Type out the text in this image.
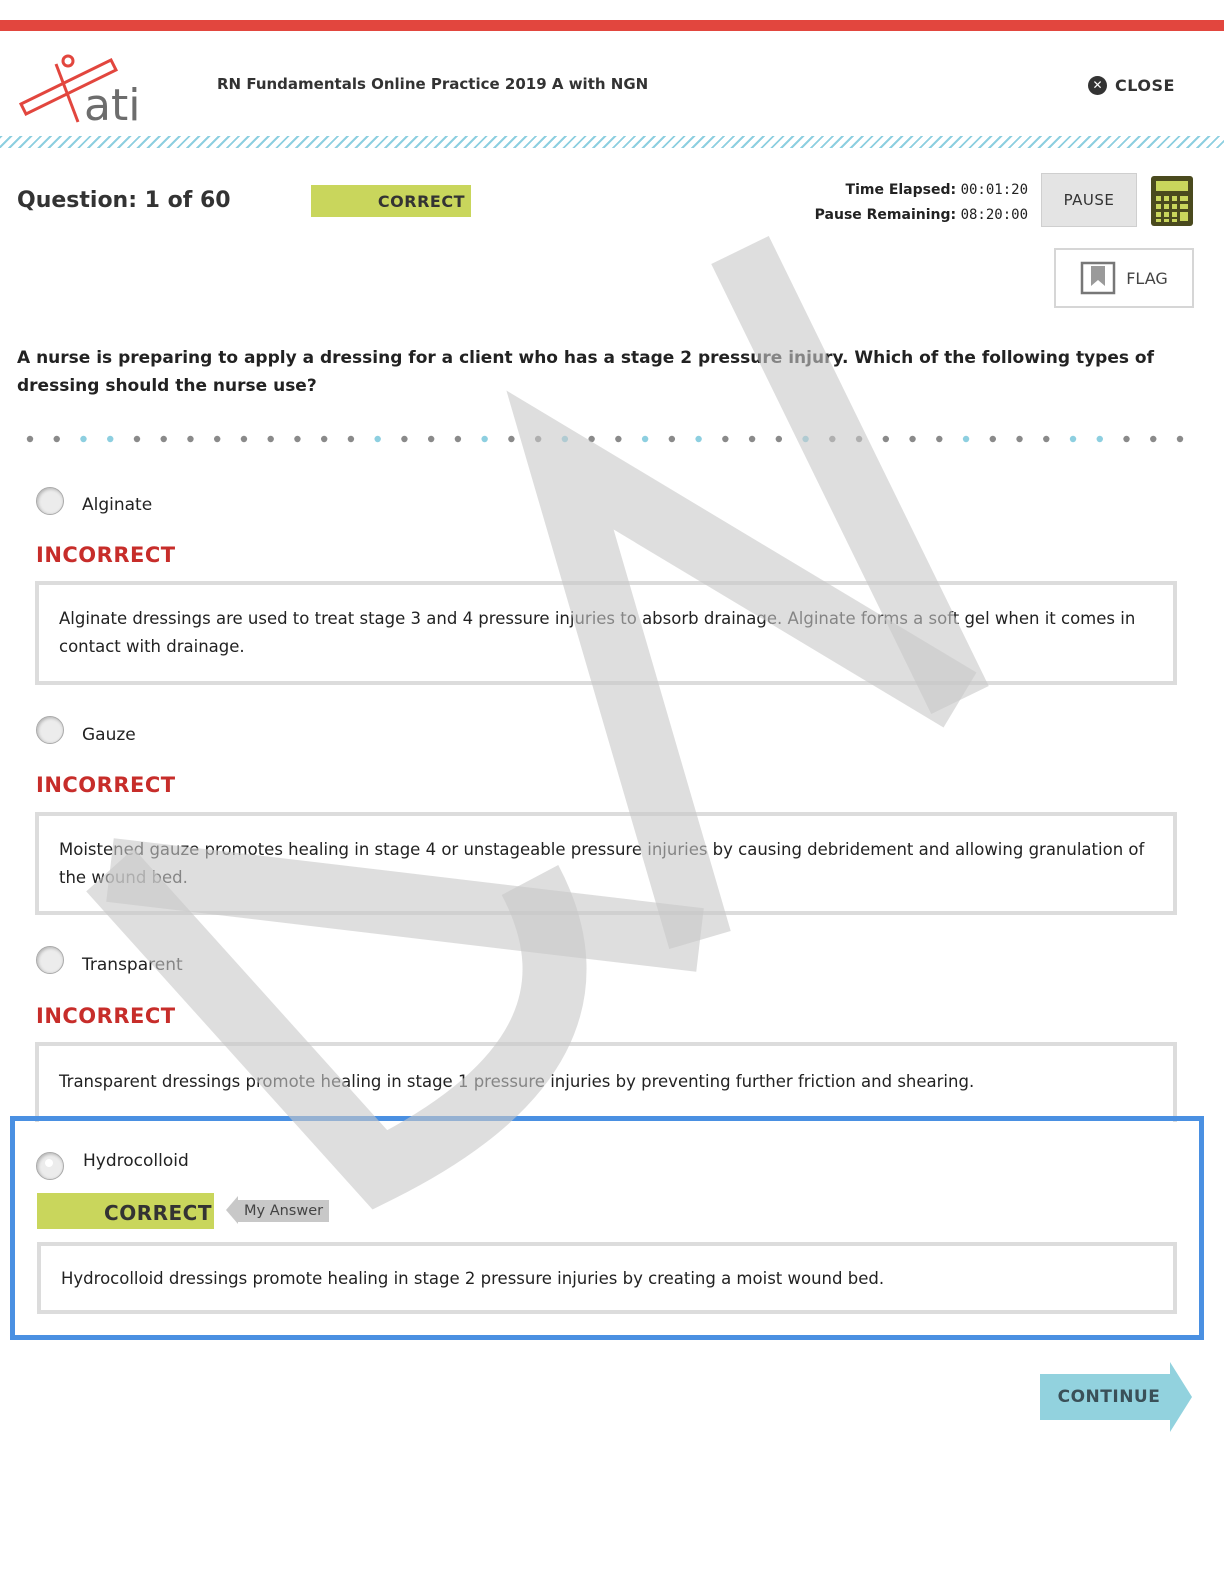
ati	RN Fundamentals Online Practice 2019 A with NGN	✕ CLOSE
Question: 1 of 60	CORRECT
Time Elapsed: 00:01:20
Pause Remaining: 08:20:00
PAUSE
FLAG
A nurse is preparing to apply a dressing for a client who has a stage 2 pressure injury. Which of the following types of dressing should the nurse use?
Alginate
INCORRECT
Alginate dressings are used to treat stage 3 and 4 pressure injuries to absorb drainage. Alginate forms a soft gel when it comes in contact with drainage.
Gauze
INCORRECT
Moistened gauze promotes healing in stage 4 or unstageable pressure injuries by causing debridement and allowing granulation of the wound bed.
Transparent
INCORRECT
Transparent dressings promote healing in stage 1 pressure injuries by preventing further friction and shearing.
Hydrocolloid
CORRECT	My Answer
Hydrocolloid dressings promote healing in stage 2 pressure injuries by creating a moist wound bed.
CONTINUE
